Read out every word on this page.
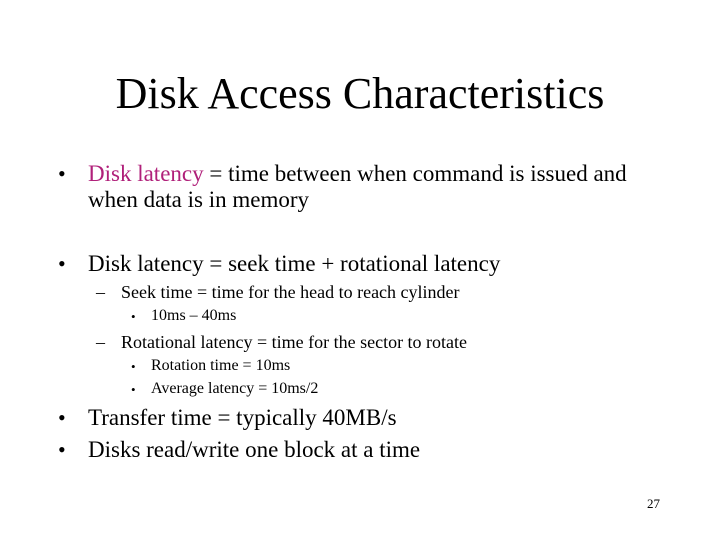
Disk Access Characteristics
• Disk latency = time between when command is issued and
when data is in memory
• Disk latency = seek time + rotational latency
– Seek time = time for the head to reach cylinder
• 10ms – 40ms
– Rotational latency = time for the sector to rotate
• Rotation time = 10ms
• Average latency = 10ms/2
• Transfer time = typically 40MB/s
• Disks read/write one block at a time
27
